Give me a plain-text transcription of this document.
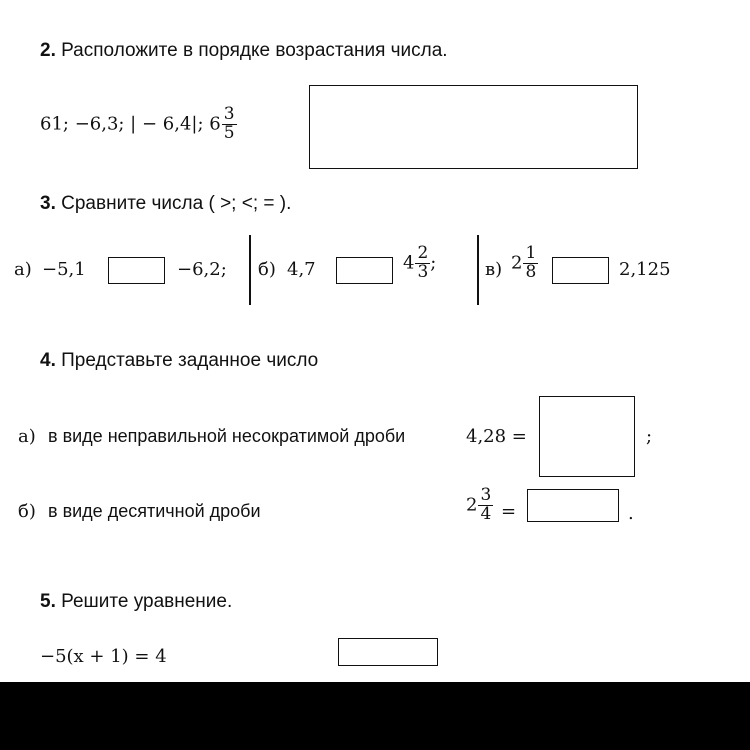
2. Расположите в порядке возрастания числа.
61; −6,3; | − 6,4|; $6 \frac{3}{5}$
3. Сравните числа ( >; <; = ).
а) −5,1	−6,2; б) 4,7	$4 \frac{2}{3}$ ;	в) $2 \frac{1}{8}$	2,125
4. Представьте заданное число
а) в виде неправильной несократимой дроби	4,28 =	;
б) в виде десятичной дроби	$2 \frac{3}{4}$ =	.
5. Решите уравнение.
−5(x + 1) = 4
